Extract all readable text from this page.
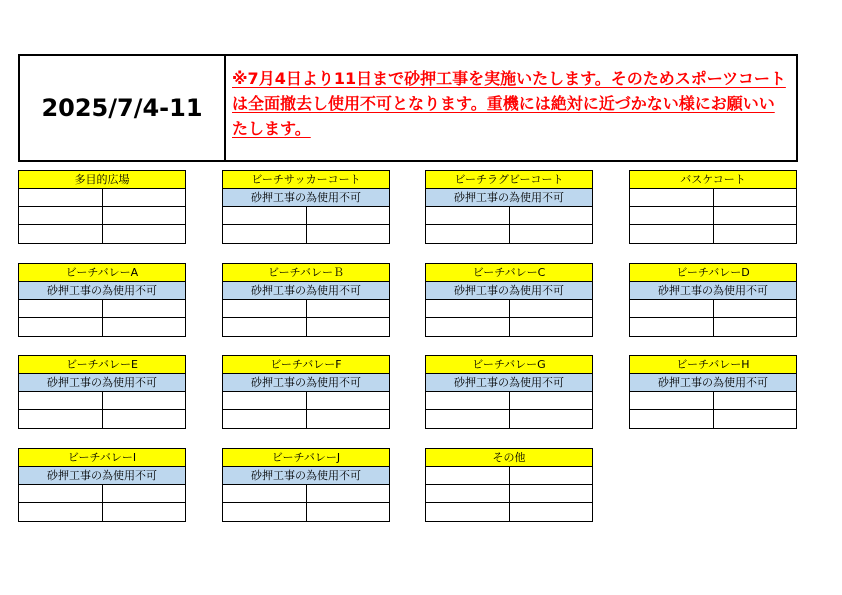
2025/7/4-11
※7月4日より11日まで砂押工事を実施いたします。そのためスポーツコートは全面撤去し使用不可となります。重機には絶対に近づかない様にお願いいたします。
多目的広場	ビーチサッカーコート
砂押工事の為使用不可
ビーチラグビーコート
砂押工事の為使用不可
バスケコート
ビーチバレーA
砂押工事の為使用不可
ビーチバレーＢ
砂押工事の為使用不可
ビーチバレーC
砂押工事の為使用不可
ビーチバレーD
砂押工事の為使用不可
ビーチバレーE
砂押工事の為使用不可
ビーチバレーF
砂押工事の為使用不可
ビーチバレーG
砂押工事の為使用不可
ビーチバレーH
砂押工事の為使用不可
ビーチバレーI
砂押工事の為使用不可
ビーチバレーJ
砂押工事の為使用不可
その他
